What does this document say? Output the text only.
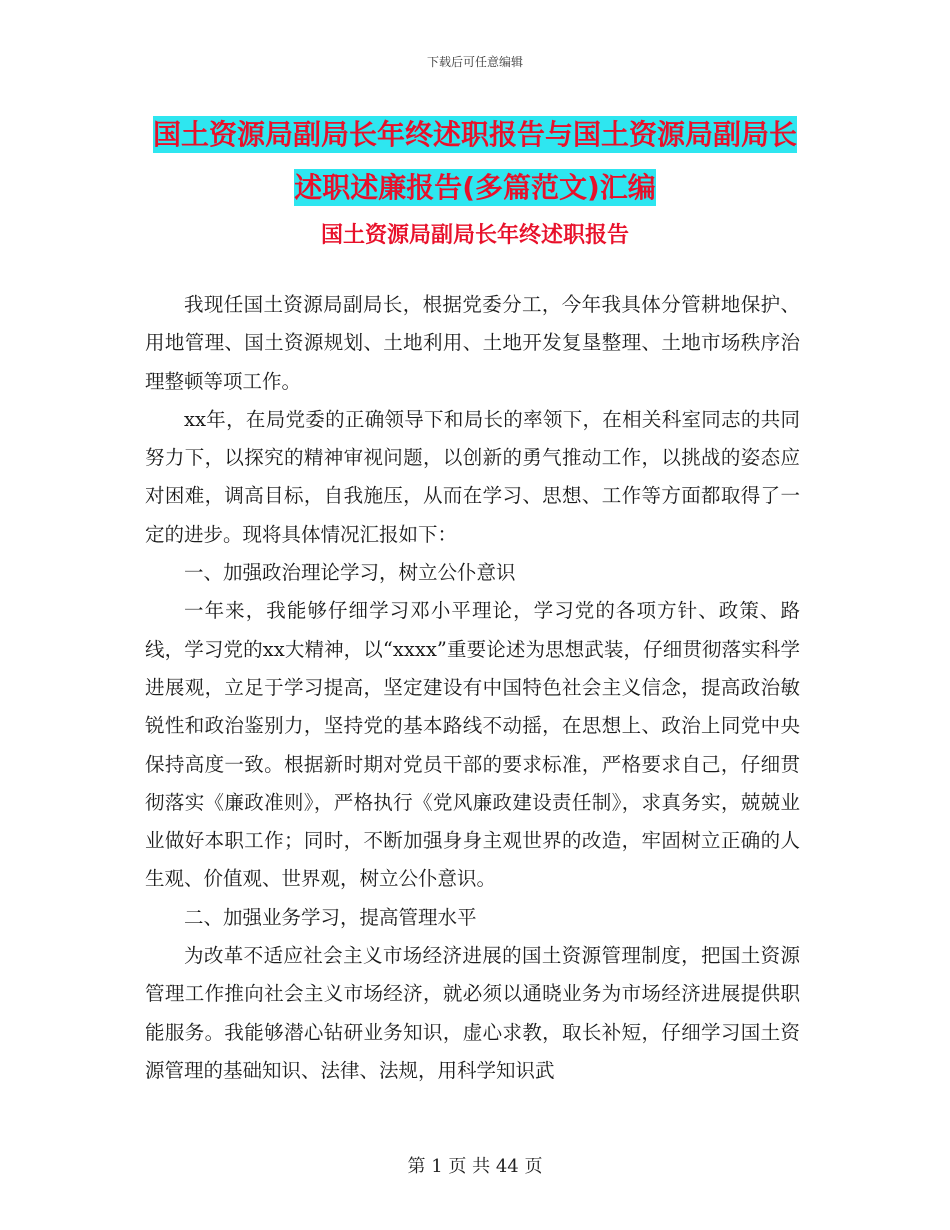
下载后可任意编辑
国土资源局副局长年终述职报告与国土资源局副局长
述职述廉报告(多篇范文)汇编
国土资源局副局长年终述职报告

我现任国土资源局副局长，根据党委分工，今年我具体分管耕地保护、用地管理、国土资源规划、土地利用、土地开发复垦整理、土地市场秩序治理整顿等项工作。

xx年，在局党委的正确领导下和局长的率领下，在相关科室同志的共同努力下，以探究的精神审视问题，以创新的勇气推动工作，以挑战的姿态应对困难，调高目标，自我施压，从而在学习、思想、工作等方面都取得了一定的进步。现将具体情况汇报如下：

一、加强政治理论学习，树立公仆意识

一年来，我能够仔细学习邓小平理论，学习党的各项方针、政策、路线，学习党的xx大精神，以“xxxx”重要论述为思想武装，仔细贯彻落实科学进展观，立足于学习提高，坚定建设有中国特色社会主义信念，提高政治敏锐性和政治鉴别力，坚持党的基本路线不动摇，在思想上、政治上同党中央保持高度一致。根据新时期对党员干部的要求标准，严格要求自己，仔细贯彻落实《廉政准则》，严格执行《党风廉政建设责任制》，求真务实，兢兢业业做好本职工作；同时，不断加强身身主观世界的改造，牢固树立正确的人生观、价值观、世界观，树立公仆意识。

二、加强业务学习，提高管理水平

为改革不适应社会主义市场经济进展的国土资源管理制度，把国土资源管理工作推向社会主义市场经济，就必须以通晓业务为市场经济进展提供职能服务。我能够潜心钻研业务知识，虚心求教，取长补短，仔细学习国土资源管理的基础知识、法律、法规，用科学知识武

第 1 页 共 44 页
